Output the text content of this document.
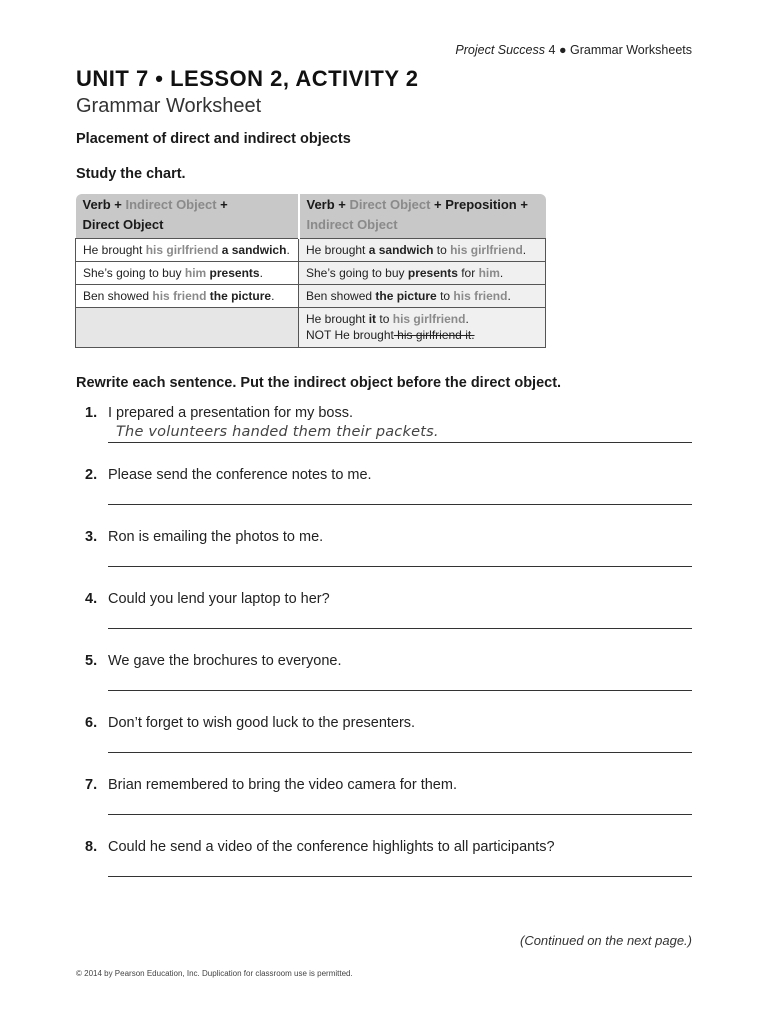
Project Success 4 ● Grammar Worksheets
UNIT 7 • LESSON 2, ACTIVITY 2
Grammar Worksheet
Placement of direct and indirect objects
Study the chart.
Verb + Indirect Object +
Direct Object	Verb + Direct Object + Preposition +
Indirect Object
He brought his girlfriend a sandwich.	He brought a sandwich to his girlfriend.
She’s going to buy him presents.	She’s going to buy presents for him.
Ben showed his friend the picture.	Ben showed the picture to his friend.
	He brought it to his girlfriend.
NOT He brought his girlfriend it.
Rewrite each sentence. Put the indirect object before the direct object.
1. I prepared a presentation for my boss.
The volunteers handed them their packets.
2. Please send the conference notes to me.
3. Ron is emailing the photos to me.
4. Could you lend your laptop to her?
5. We gave the brochures to everyone.
6. Don’t forget to wish good luck to the presenters.
7. Brian remembered to bring the video camera for them.
8. Could he send a video of the conference highlights to all participants?
(Continued on the next page.)
© 2014 by Pearson Education, Inc. Duplication for classroom use is permitted.
